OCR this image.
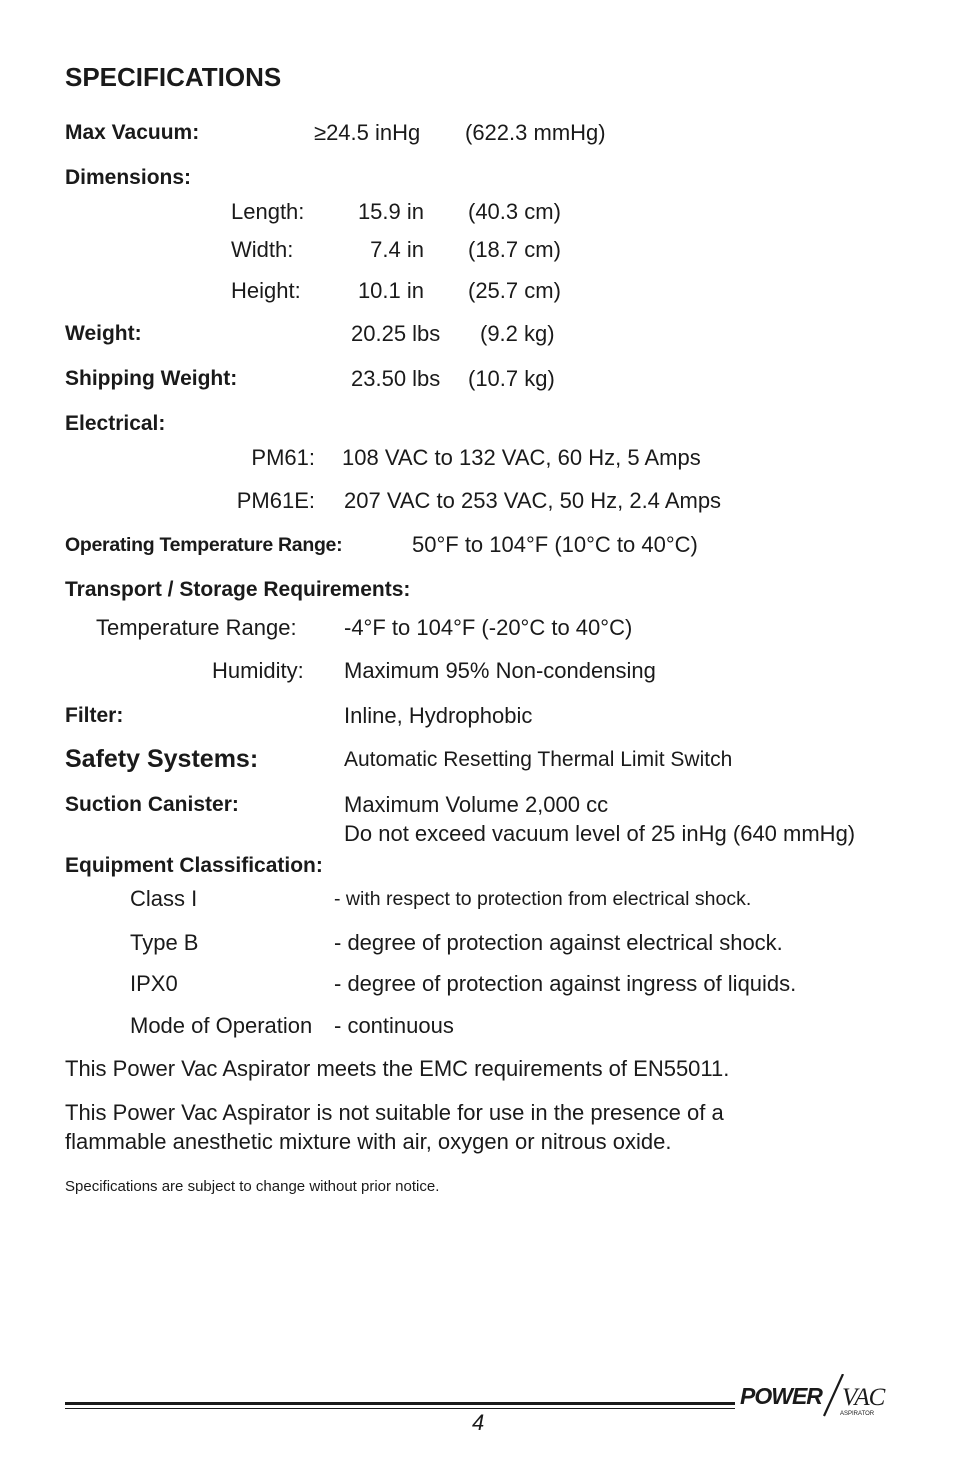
SPECIFICATIONS
Max Vacuum:	≥24.5 inHg (622.3 mmHg)
Dimensions:
Length: 15.9 in (40.3 cm)
Width:	7.4 in (18.7 cm)
Height:	10.1 in (25.7 cm)
Weight:	20.25 lbs (9.2 kg)
Shipping Weight:	23.50 lbs (10.7 kg)
Electrical:
PM61: 108 VAC to 132 VAC, 60 Hz, 5 Amps
PM61E: 207 VAC to 253 VAC, 50 Hz, 2.4 Amps
Operating Temperature Range:	50°F to 104°F (10°C to 40°C)
Transport / Storage Requirements:
Temperature Range: -4°F to 104°F (-20°C to 40°C)
Humidity: Maximum 95% Non-condensing
Filter:	Inline, Hydrophobic
Safety Systems:	Automatic Resetting Thermal Limit Switch
Suction Canister:	Maximum Volume 2,000 cc
Do not exceed vacuum level of 25 inHg (640 mmHg)
Equipment Classification:
Class I	- with respect to protection from electrical shock.
Type B	- degree of protection against electrical shock.
IPX0	- degree of protection against ingress of liquids.
Mode of Operation - continuous
This Power Vac Aspirator meets the EMC requirements of EN55011.
This Power Vac Aspirator is not suitable for use in the presence of a
flammable anesthetic mixture with air, oxygen or nitrous oxide.
Specifications are subject to change without prior notice.
4
POWER VAC
ASPIRATOR
